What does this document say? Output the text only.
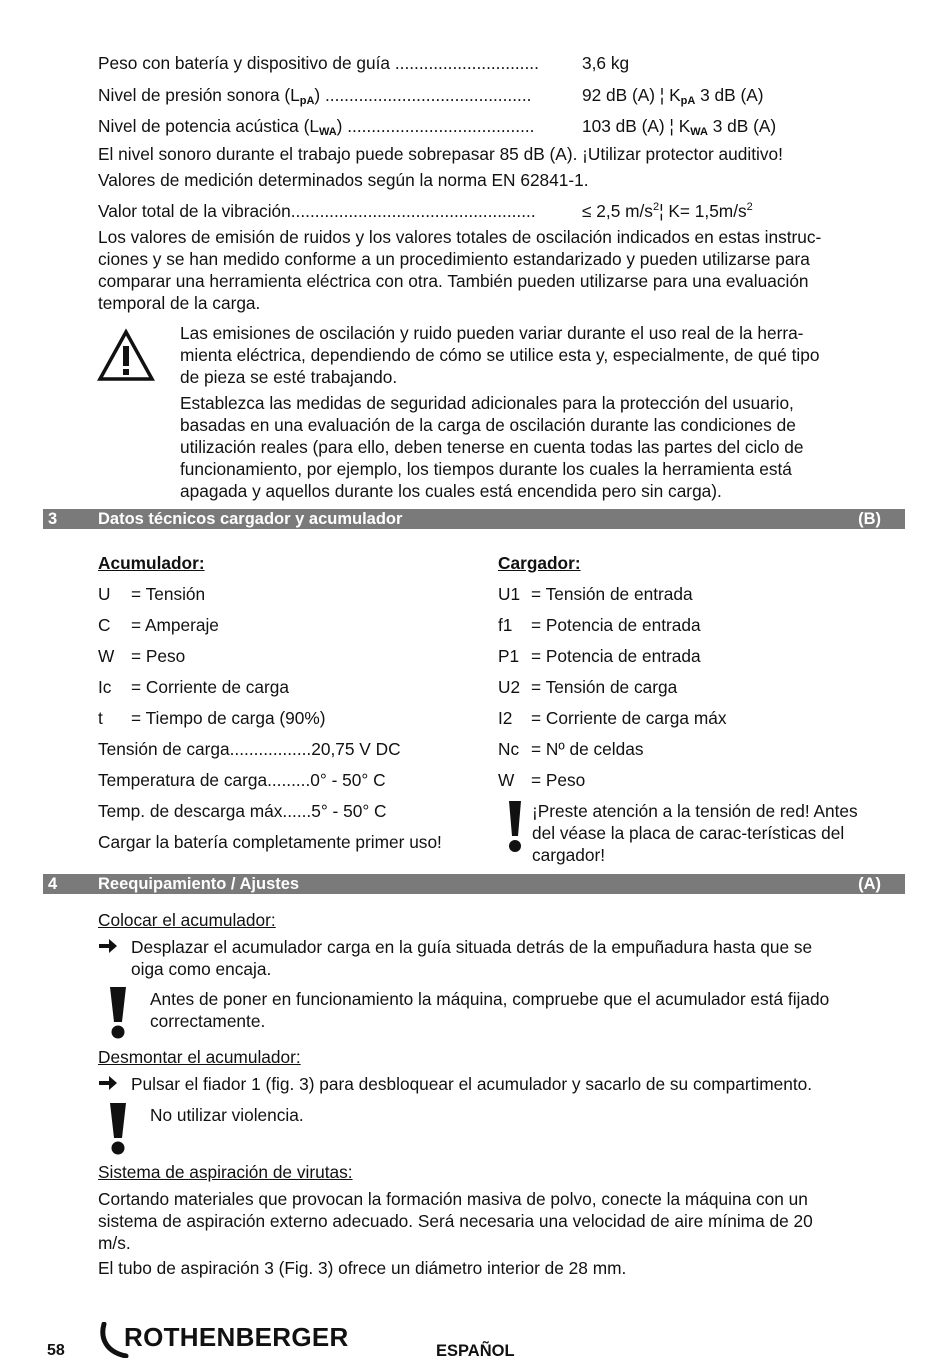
Peso con batería y dispositivo de guía .............................. 3,6 kg
Nivel de presión sonora $(L_{pA})$ ...........................................	92 dB (A) ¦ $K_{pA}$ 3 dB (A)
Nivel de potencia acústica $(L_{WA})$ .......................................	103 dB (A) ¦ $K_{WA}$ 3 dB (A)
El nivel sonoro durante el trabajo puede sobrepasar 85 dB (A). ¡Utilizar protector auditivo!
Valores de medición determinados según la norma EN 62841-1.
Valor total de la vibración...................................................	≤ 2,5 $m/s^2¦$ $K= 1,5m/s^2$
Los valores de emisión de ruidos y los valores totales de oscilación indicados en estas instruc-
ciones y se han medido conforme a un procedimiento estandarizado y pueden utilizarse para
comparar una herramienta eléctrica con otra. También pueden utilizarse para una evaluación
temporal de la carga.
Las emisiones de oscilación y ruido pueden variar durante el uso real de la herra-
mienta eléctrica, dependiendo de cómo se utilice esta y, especialmente, de qué tipo
de pieza se esté trabajando.
Establezca las medidas de seguridad adicionales para la protección del usuario,
basadas en una evaluación de la carga de oscilación durante las condiciones de
utilización reales (para ello, deben tenerse en cuenta todas las partes del ciclo de
funcionamiento, por ejemplo, los tiempos durante los cuales la herramienta está
apagada y aquellos durante los cuales está encendida pero sin carga).
3 Datos técnicos cargador y acumulador	(B)
Acumulador:
U	= Tensión
C	= Amperaje
W = Peso
Ic	= Corriente de carga
t	= Tiempo de carga (90%)
Tensión de carga.................20,75 V DC
Temperatura de carga.........0° - 50° C
Temp. de descarga máx......5° - 50° C
Cargar la batería completamente primer uso!
Cargador:
U1 = Tensión de entrada
f1	= Potencia de entrada
P1 = Potencia de entrada
U2 = Tensión de carga
I2	= Corriente de carga máx
Nc = Nº de celdas
W = Peso
¡Preste atención a la tensión de red! Antes
del véase la placa de carac-terísticas del
cargador!
4 Reequipamiento / Ajustes	(A)
Colocar el acumulador:
Desplazar el acumulador carga en la guía situada detrás de la empuñadura hasta que se
oiga como encaja.
Antes de poner en funcionamiento la máquina, compruebe que el acumulador está fijado
correctamente.
Desmontar el acumulador:
Pulsar el fiador 1 (fig. 3) para desbloquear el acumulador y sacarlo de su compartimento.
No utilizar violencia.
Sistema de aspiración de virutas:
Cortando materiales que provocan la formación masiva de polvo, conecte la máquina con un
sistema de aspiración externo adecuado. Será necesaria una velocidad de aire mínima de 20
m/s.
El tubo de aspiración 3 (Fig. 3) ofrece un diámetro interior de 28 mm.
58 ROTHENBERGER	ESPAÑOL
